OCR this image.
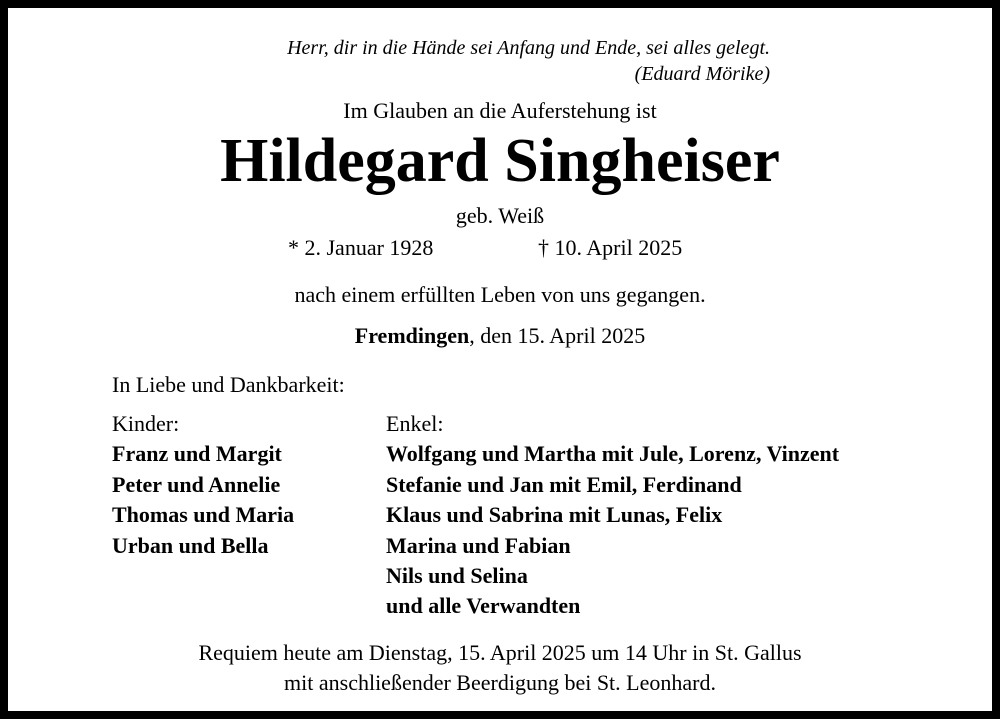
Herr, dir in die Hände sei Anfang und Ende, sei alles gelegt.
(Eduard Mörike)
Im Glauben an die Auferstehung ist
Hildegard Singheiser
geb. Weiß
* 2. Januar 1928	† 10. April 2025
nach einem erfüllten Leben von uns gegangen.
Fremdingen, den 15. April 2025
In Liebe und Dankbarkeit:
Kinder:
Franz und Margit
Peter und Annelie
Thomas und Maria
Urban und Bella
Enkel:
Wolfgang und Martha mit Jule, Lorenz, Vinzent
Stefanie und Jan mit Emil, Ferdinand
Klaus und Sabrina mit Lunas, Felix
Marina und Fabian
Nils und Selina
und alle Verwandten
Requiem heute am Dienstag, 15. April 2025 um 14 Uhr in St. Gallus
mit anschließender Beerdigung bei St. Leonhard.
